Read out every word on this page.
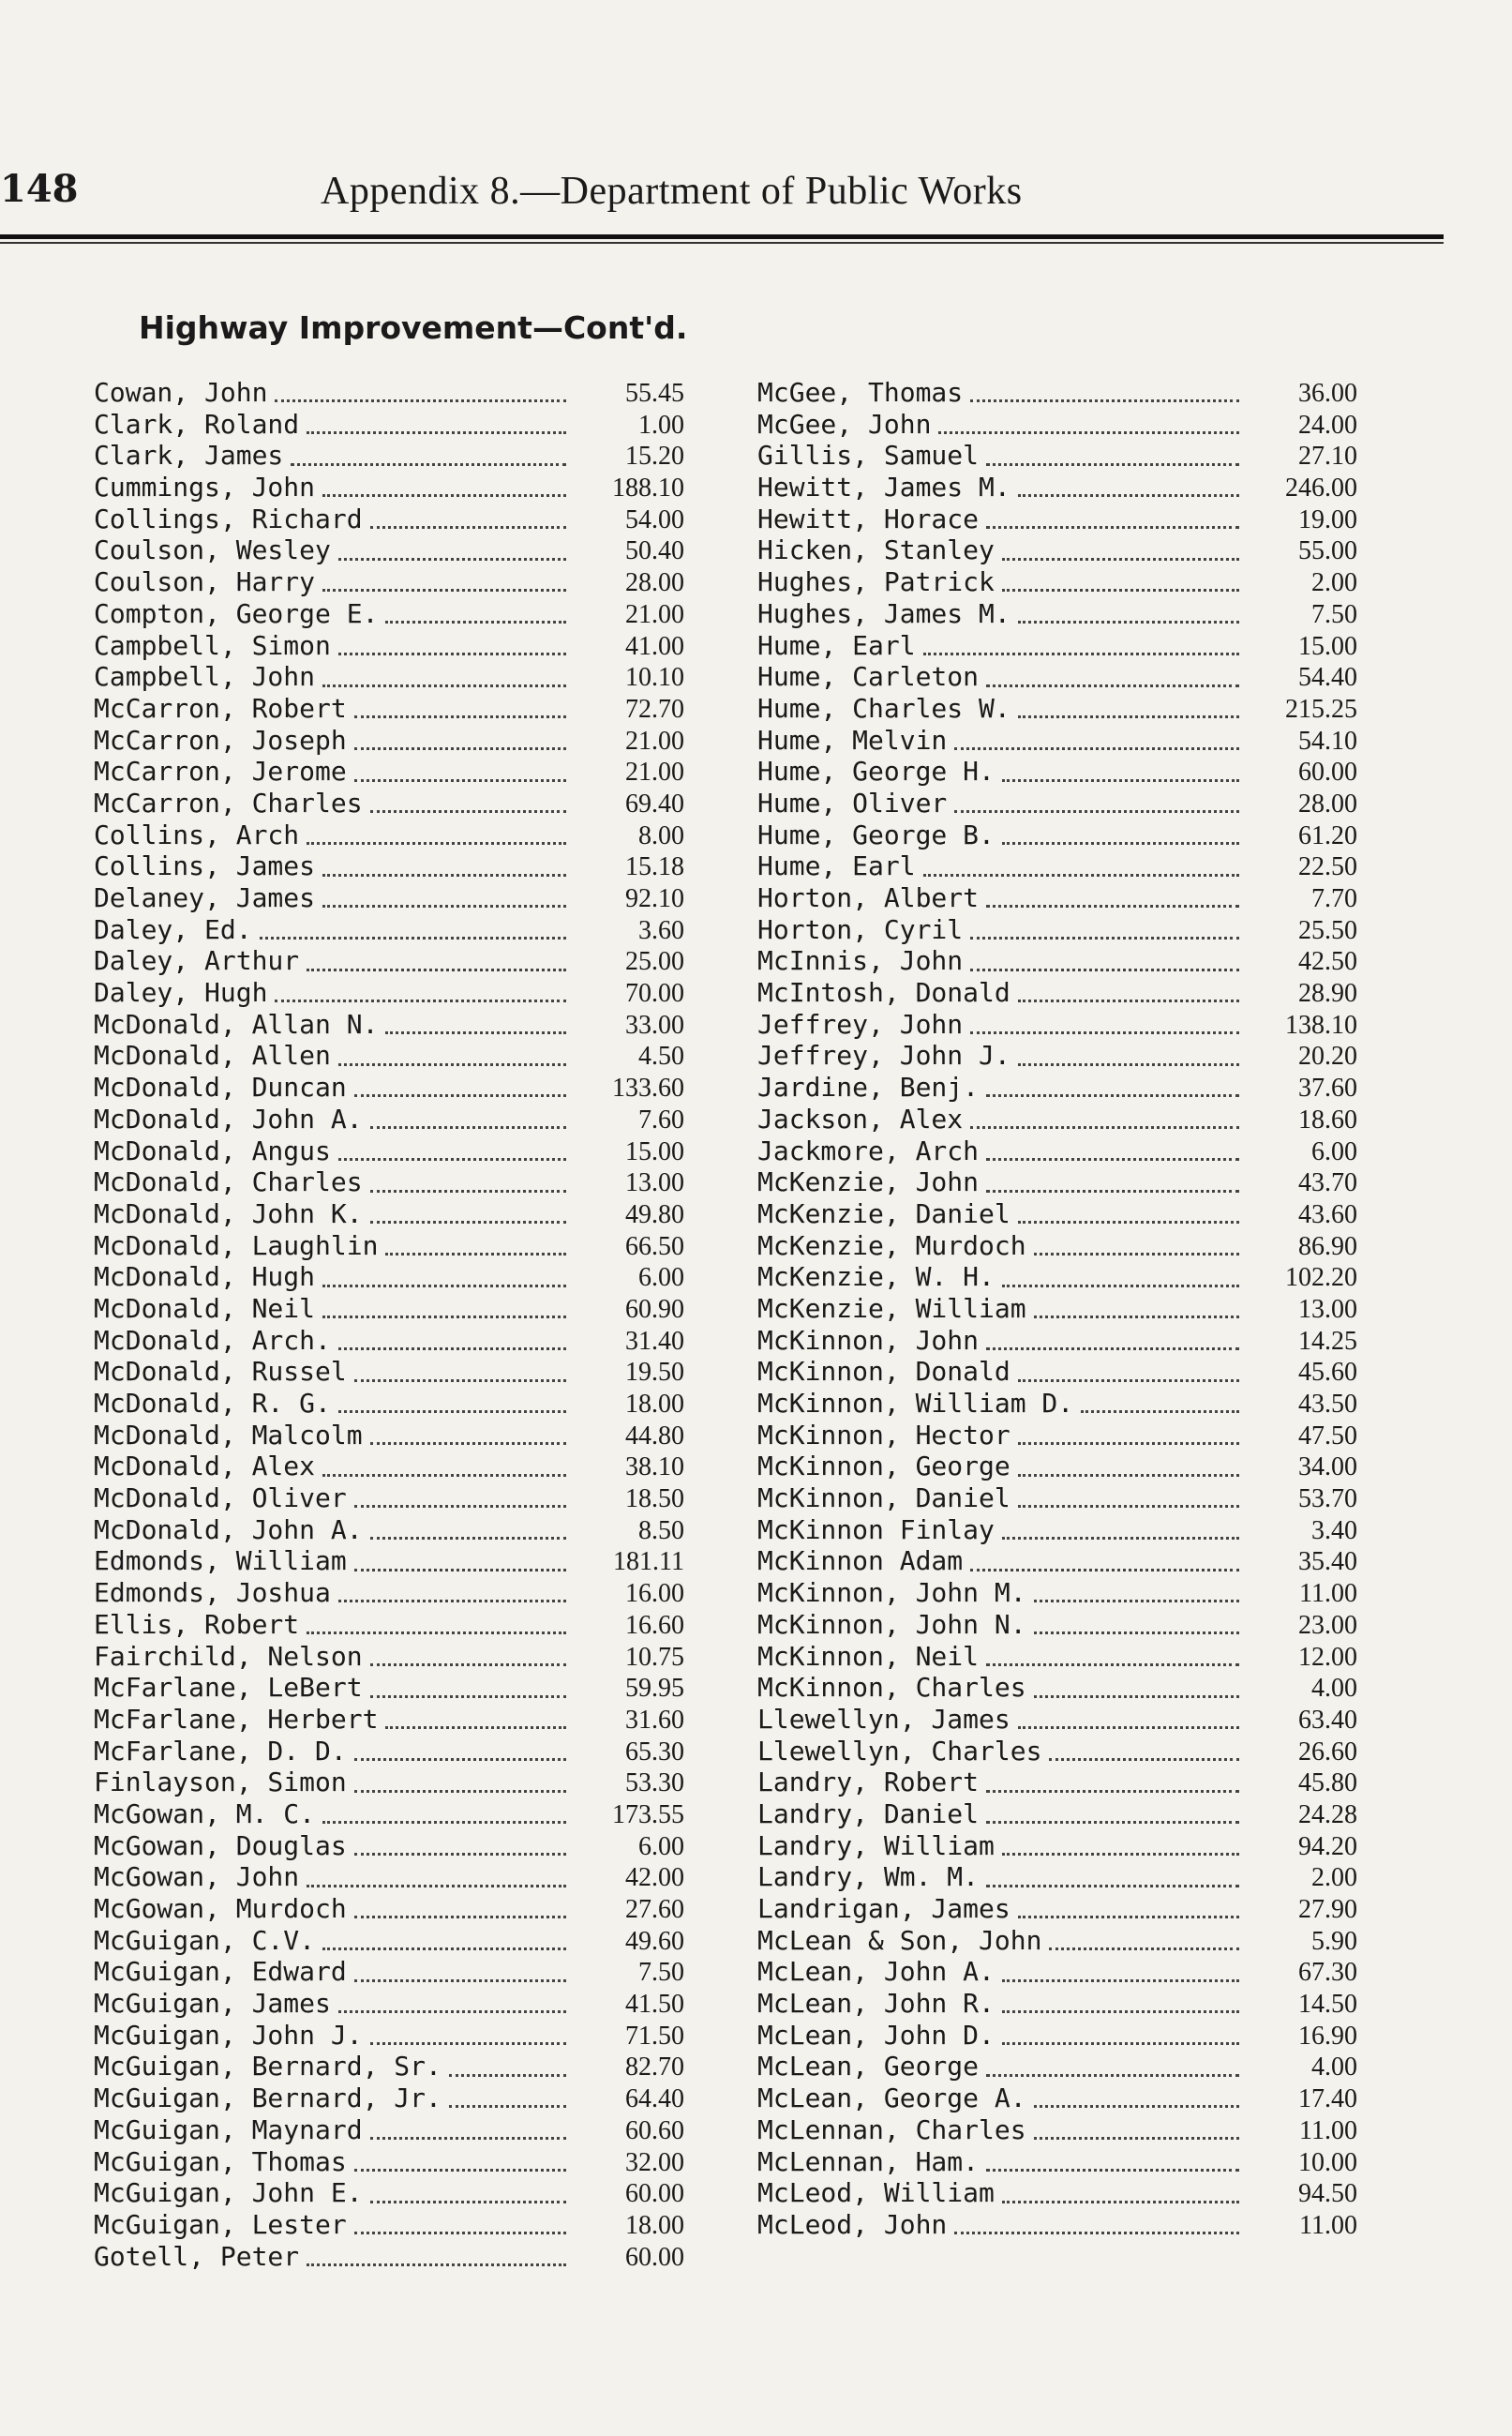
148	Appendix 8.—Department of Public Works
Highway Improvement—Cont'd.
Cowan, John	55.45
Clark, Roland	1.00
Clark, James	15.20
Cummings, John	188.10
Collings, Richard	54.00
Coulson, Wesley	50.40
Coulson, Harry	28.00
Compton, George E.	21.00
Campbell, Simon	41.00
Campbell, John	10.10
McCarron, Robert	72.70
McCarron, Joseph	21.00
McCarron, Jerome	21.00
McCarron, Charles	69.40
Collins, Arch	8.00
Collins, James	15.18
Delaney, James	92.10
Daley, Ed.	3.60
Daley, Arthur	25.00
Daley, Hugh	70.00
McDonald, Allan N.	33.00
McDonald, Allen	4.50
McDonald, Duncan	133.60
McDonald, John A.	7.60
McDonald, Angus	15.00
McDonald, Charles	13.00
McDonald, John K.	49.80
McDonald, Laughlin	66.50
McDonald, Hugh	6.00
McDonald, Neil	60.90
McDonald, Arch.	31.40
McDonald, Russel	19.50
McDonald, R. G.	18.00
McDonald, Malcolm	44.80
McDonald, Alex	38.10
McDonald, Oliver	18.50
McDonald, John A.	8.50
Edmonds, William	181.11
Edmonds, Joshua	16.00
Ellis, Robert	16.60
Fairchild, Nelson	10.75
McFarlane, LeBert	59.95
McFarlane, Herbert	31.60
McFarlane, D. D.	65.30
Finlayson, Simon	53.30
McGowan, M. C.	173.55
McGowan, Douglas	6.00
McGowan, John	42.00
McGowan, Murdoch	27.60
McGuigan, C.V.	49.60
McGuigan, Edward	7.50
McGuigan, James	41.50
McGuigan, John J.	71.50
McGuigan, Bernard, Sr.	82.70
McGuigan, Bernard, Jr.	64.40
McGuigan, Maynard	60.60
McGuigan, Thomas	32.00
McGuigan, John E.	60.00
McGuigan, Lester	18.00
Gotell, Peter	60.00
McGee, Thomas	36.00
McGee, John	24.00
Gillis, Samuel	27.10
Hewitt, James M.	246.00
Hewitt, Horace	19.00
Hicken, Stanley	55.00
Hughes, Patrick	2.00
Hughes, James M.	7.50
Hume, Earl	15.00
Hume, Carleton	54.40
Hume, Charles W.	215.25
Hume, Melvin	54.10
Hume, George H.	60.00
Hume, Oliver	28.00
Hume, George B.	61.20
Hume, Earl	22.50
Horton, Albert	7.70
Horton, Cyril	25.50
McInnis, John	42.50
McIntosh, Donald	28.90
Jeffrey, John	138.10
Jeffrey, John J.	20.20
Jardine, Benj.	37.60
Jackson, Alex	18.60
Jackmore, Arch	6.00
McKenzie, John	43.70
McKenzie, Daniel	43.60
McKenzie, Murdoch	86.90
McKenzie, W. H.	102.20
McKenzie, William	13.00
McKinnon, John	14.25
McKinnon, Donald	45.60
McKinnon, William D.	43.50
McKinnon, Hector	47.50
McKinnon, George	34.00
McKinnon, Daniel	53.70
McKinnon Finlay	3.40
McKinnon Adam	35.40
McKinnon, John M.	11.00
McKinnon, John N.	23.00
McKinnon, Neil	12.00
McKinnon, Charles	4.00
Llewellyn, James	63.40
Llewellyn, Charles	26.60
Landry, Robert	45.80
Landry, Daniel	24.28
Landry, William	94.20
Landry, Wm. M.	2.00
Landrigan, James	27.90
McLean & Son, John	5.90
McLean, John A.	67.30
McLean, John R.	14.50
McLean, John D.	16.90
McLean, George	4.00
McLean, George A.	17.40
McLennan, Charles	11.00
McLennan, Ham.	10.00
McLeod, William	94.50
McLeod, John	11.00
